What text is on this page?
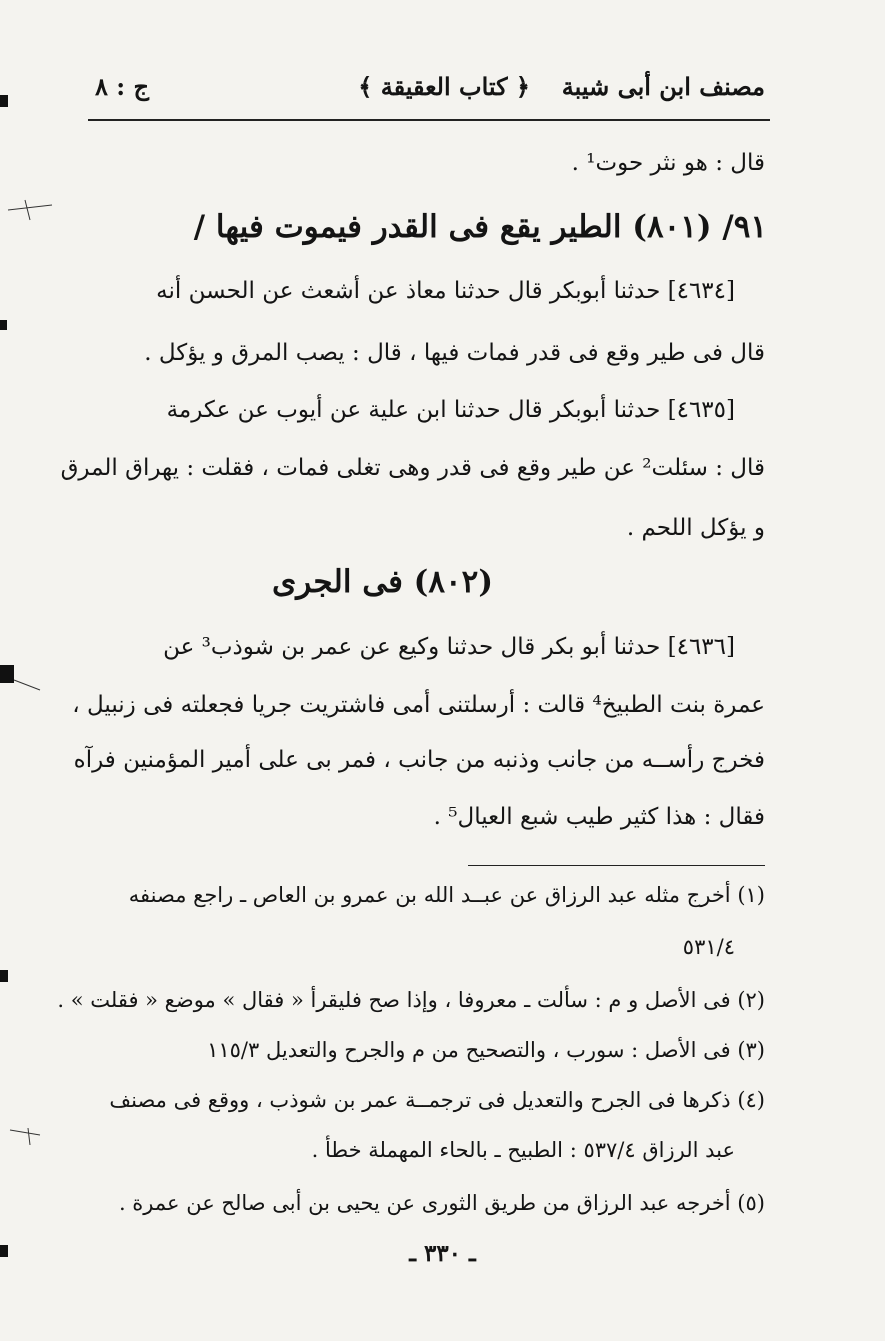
مصنف ابن أبى شيبة
﴿ كتاب العقيقة ﴾
ج : ٨
قال : هو نثر حوت¹ .
٩١/ (٨٠١) الطير يقع فى القدر فيموت فيها /
[٤٦٣٤] حدثنا أبوبكر قال حدثنا معاذ عن أشعث عن الحسن أنه
قال فى طير وقع فى قدر فمات فيها ، قال : يصب المرق و يؤكل .
[٤٦٣٥] حدثنا أبوبكر قال حدثنا ابن علية عن أيوب عن عكرمة
قال : سئلت² عن طير وقع فى قدر وهى تغلى فمات ، فقلت : يهراق المرق
و يؤكل اللحم .
(٨٠٢) فى الجرى
[٤٦٣٦] حدثنا أبو بكر قال حدثنا وكيع عن عمر بن شوذب³ عن
عمرة بنت الطبيخ⁴ قالت : أرسلتنى أمى فاشتريت جريا فجعلته فى زنبيل ،
فخرج رأســه من جانب وذنبه من جانب ، فمر بى على أمير المؤمنين فرآه
فقال : هذا كثير طيب شبع العيال⁵ .
(١) أخرج مثله عبد الرزاق عن عبــد الله بن عمرو بن العاص ـ راجع مصنفه
٥٣١/٤
(٢) فى الأصل و م : سألت ـ معروفا ، وإذا صح فليقرأ « فقال » موضع « فقلت » .
(٣) فى الأصل : سورب ، والتصحيح من م والجرح والتعديل ١١٥/٣
(٤) ذكرها فى الجرح والتعديل فى ترجمــة عمر بن شوذب ، ووقع فى مصنف
عبد الرزاق ٥٣٧/٤ : الطبيح ـ بالحاء المهملة خطأ .
(٥) أخرجه عبد الرزاق من طريق الثورى عن يحيى بن أبى صالح عن عمرة .
ـ ٣٣٠ ـ
